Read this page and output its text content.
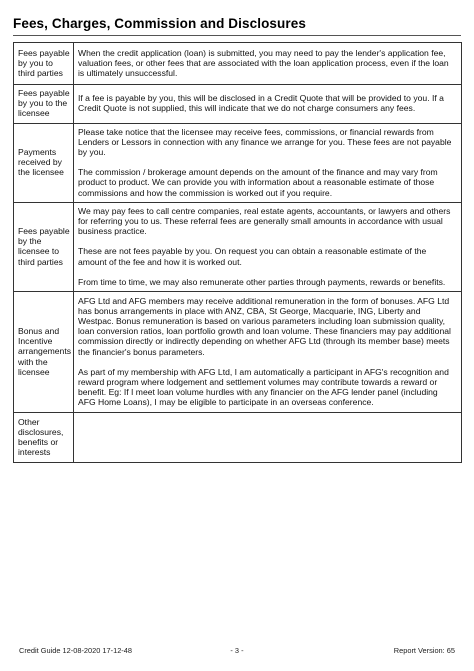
Fees, Charges, Commission and Disclosures
Fees payable by you to third parties	When the credit application (loan) is submitted, you may need to pay the lender's application fee, valuation fees, or other fees that are associated with the loan application process, even if the loan is ultimately unsuccessful.

Fees payable by you to the licensee	If a fee is payable by you, this will be disclosed in a Credit Quote that will be provided to you. If a Credit Quote is not supplied, this will indicate that we do not charge consumers any fees.

Payments received by the licensee	Please take notice that the licensee may receive fees, commissions, or financial rewards from Lenders or Lessors in connection with any finance we arrange for you. These fees are not payable by you.

The commission / brokerage amount depends on the amount of the finance and may vary from product to product. We can provide you with information about a reasonable estimate of those commissions and how the commission is worked out if you require.

Fees payable by the licensee to third parties	We may pay fees to call centre companies, real estate agents, accountants, or lawyers and others for referring you to us. These referral fees are generally small amounts in accordance with usual business practice.

These are not fees payable by you. On request you can obtain a reasonable estimate of the amount of the fee and how it is worked out.

From time to time, we may also remunerate other parties through payments, rewards or benefits.

Bonus and Incentive arrangements with the licensee	AFG Ltd and AFG members may receive additional remuneration in the form of bonuses. AFG Ltd has bonus arrangements in place with ANZ, CBA, St George, Macquarie, ING, Liberty and Westpac. Bonus remuneration is based on various parameters including loan submission quality, loan conversion ratios, loan portfolio growth and loan volume. These financiers may pay additional commission directly or indirectly depending on whether AFG Ltd (through its member base) meets the financier's bonus parameters.

As part of my membership with AFG Ltd, I am automatically a participant in AFG's recognition and reward program where lodgement and settlement volumes may contribute towards a reward or benefit. Eg: If I meet loan volume hurdles with any financier on the AFG lender panel (including AFG Home Loans), I may be eligible to participate in an overseas conference.

Other disclosures, benefits or interests	

Credit Guide 12-08-2020 17-12-48	- 3 -	Report Version: 65
